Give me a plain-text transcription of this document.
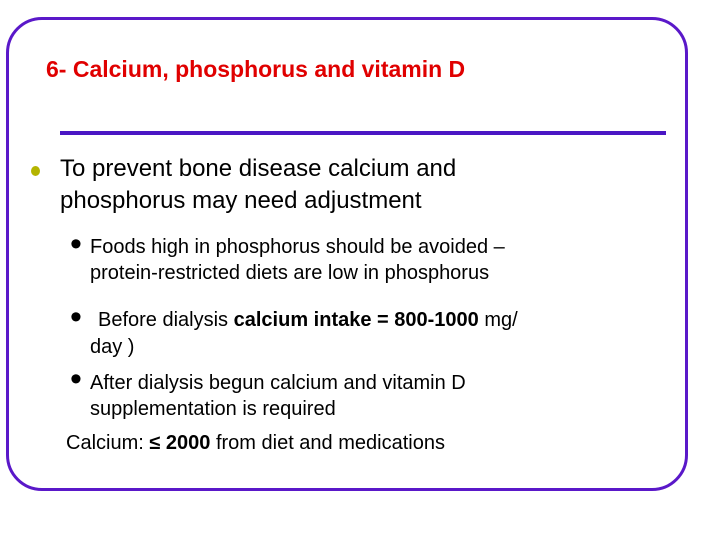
6- Calcium, phosphorus and vitamin D
To prevent bone disease calcium and
phosphorus may need adjustment
• Foods high in phosphorus should be avoided –
protein-restricted diets are low in phosphorus
• Before dialysis calcium intake = 800-1000 mg/
day )
• After dialysis begun calcium and vitamin D
supplementation is required
Calcium: ≤ 2000 from diet and medications
